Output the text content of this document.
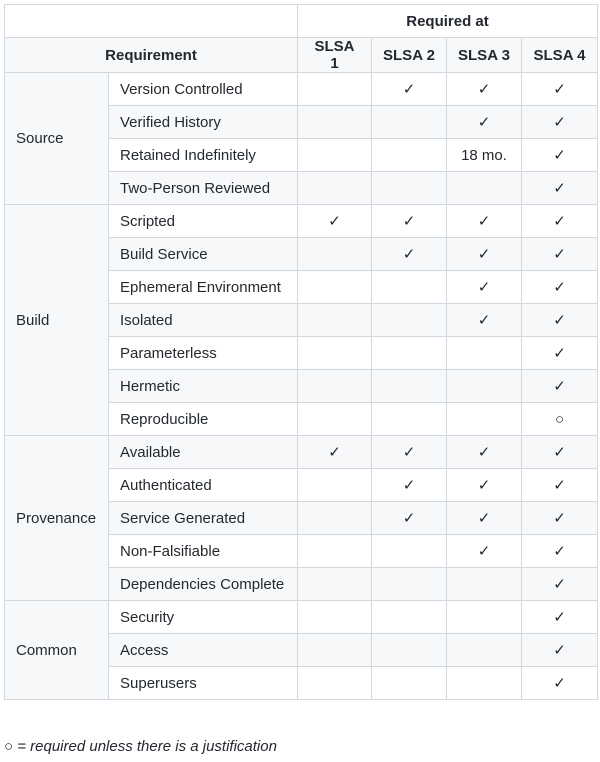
		Required at			
Requirement		SLSA 1	SLSA 2	SLSA 3	SLSA 4
Source	Version Controlled		✓	✓	✓
	Verified History			✓	✓
	Retained Indefinitely			18 mo.	✓
	Two-Person Reviewed				✓
Build	Scripted	✓	✓	✓	✓
	Build Service		✓	✓	✓
	Ephemeral Environment			✓	✓
	Isolated			✓	✓
	Parameterless				✓
	Hermetic				✓
	Reproducible				○
Provenance	Available	✓	✓	✓	✓
	Authenticated		✓	✓	✓
	Service Generated		✓	✓	✓
	Non-Falsifiable			✓	✓
	Dependencies Complete				✓
Common	Security				✓
	Access				✓
	Superusers				✓
○ = required unless there is a justification
